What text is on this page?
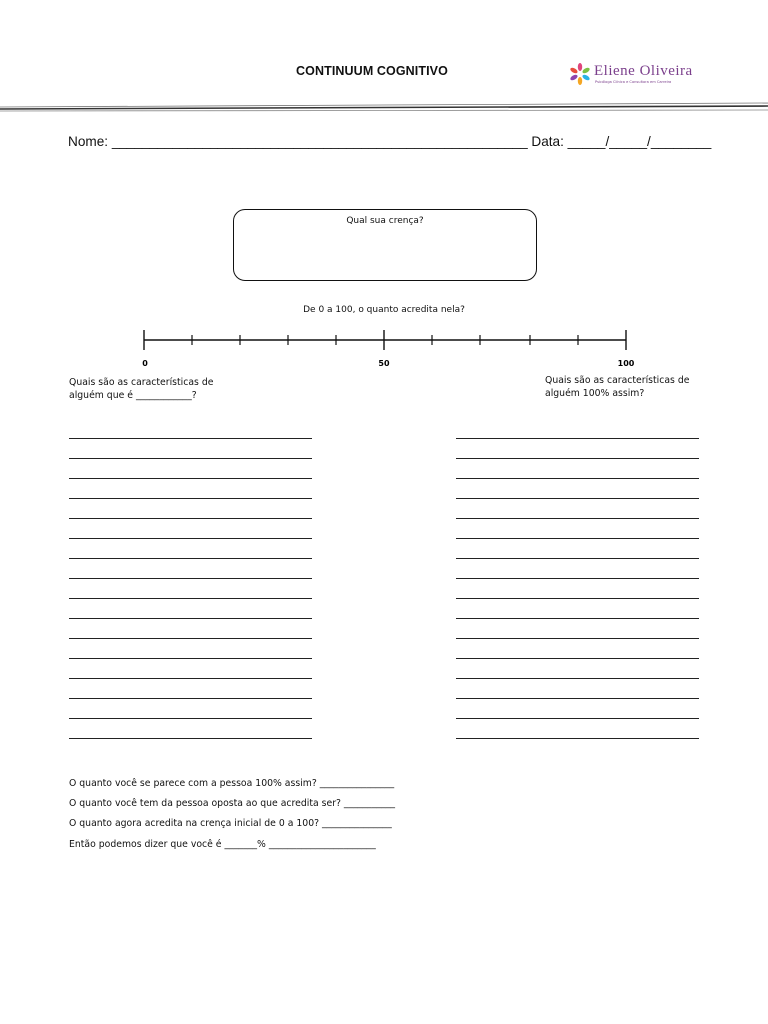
CONTINUUM COGNITIVO	Eliene Oliveira
Psicóloga Clínica e Consultora em Carreira
Nome: _______________________________________________________ Data: _____/_____/________
Qual sua crença?
De 0 a 100, o quanto acredita nela?
0	50	100
Quais são as características de alguém que é ____________?
Quais são as características de alguém 100% assim?
O quanto você se parece com a pessoa 100% assim? ________________
O quanto você tem da pessoa oposta ao que acredita ser? ___________
O quanto agora acredita na crença inicial de 0 a 100? _______________
Então podemos dizer que você é _______% _______________________
